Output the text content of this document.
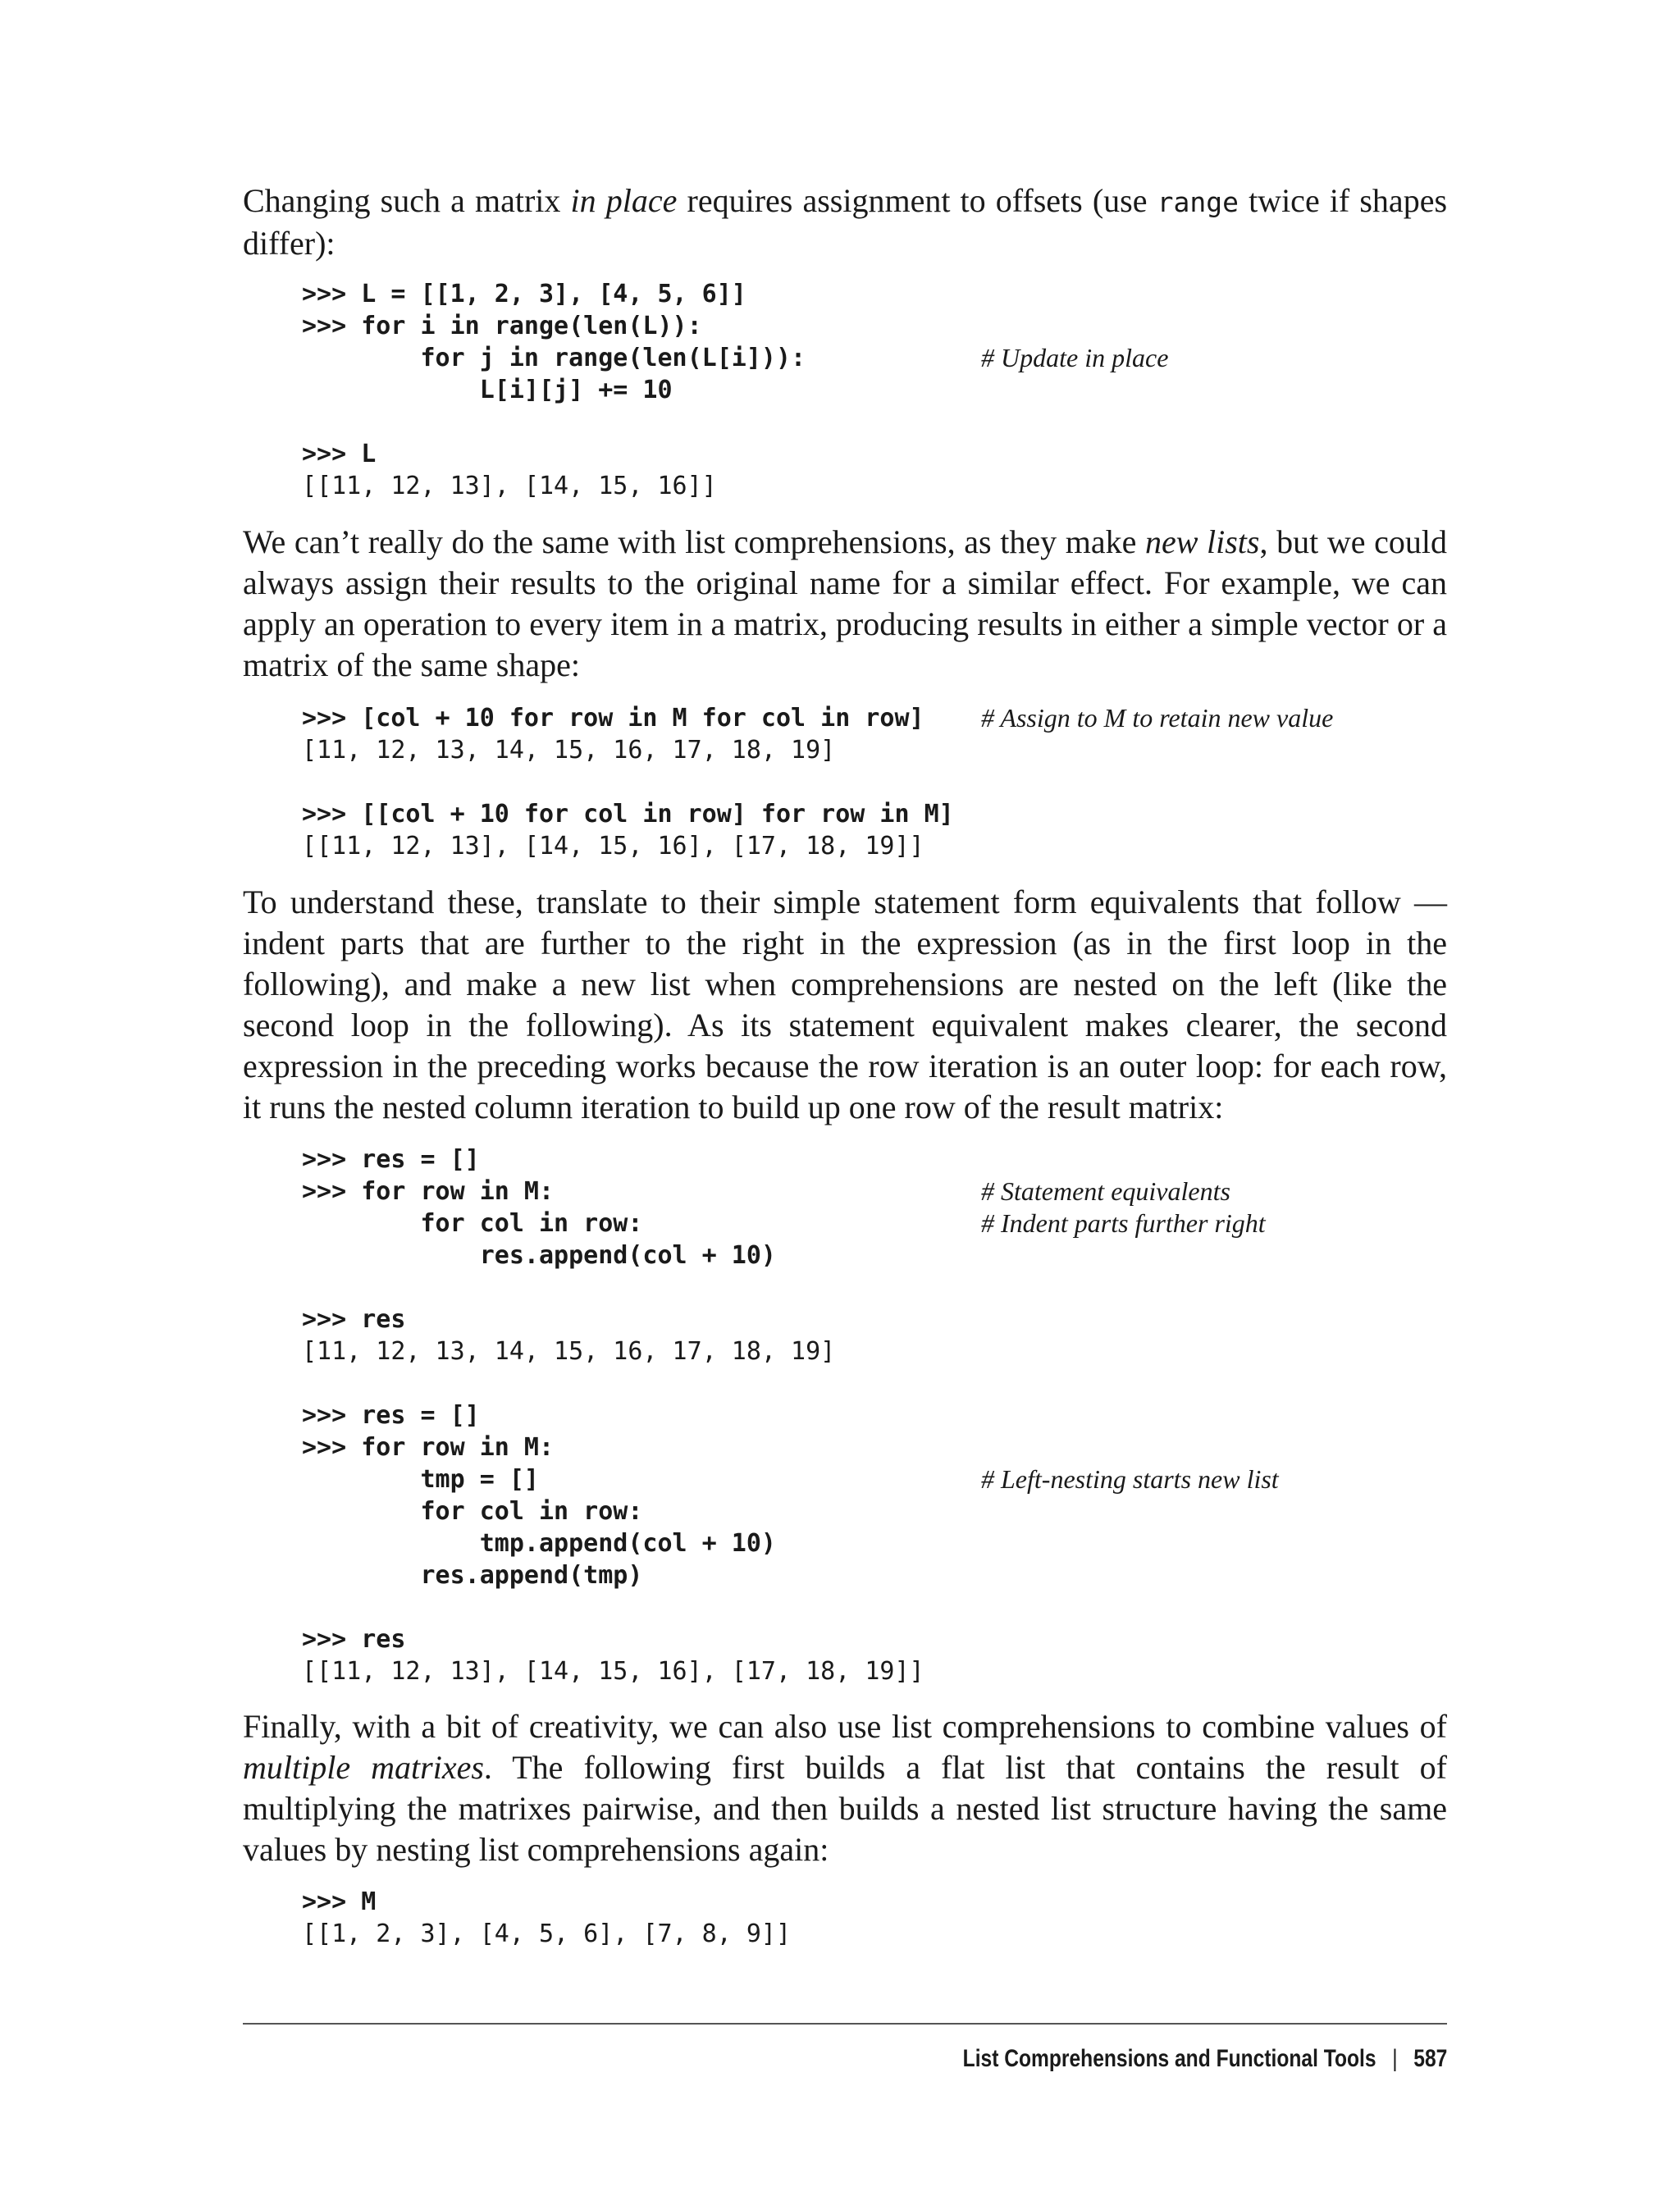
Changing such a matrix in place requires assignment to offsets (use range twice if shapes differ):

>>> L = [[1, 2, 3], [4, 5, 6]]
>>> for i in range(len(L)):
for j in range(len(L[i])):
L[i][j] += 10
>>> L
[[11, 12, 13], [14, 15, 16]]
# Update in place

We can’t really do the same with list comprehensions, as they make new lists, but we could always assign their results to the original name for a similar effect. For example, we can apply an operation to every item in a matrix, producing results in either a simple vector or a matrix of the same shape:

>>> [col + 10 for row in M for col in row]
[11, 12, 13, 14, 15, 16, 17, 18, 19]
>>> [[col + 10 for col in row] for row in M]
[[11, 12, 13], [14, 15, 16], [17, 18, 19]]
# Assign to M to retain new value

To understand these, translate to their simple statement form equivalents that follow —indent parts that are further to the right in the expression (as in the first loop in the following), and make a new list when comprehensions are nested on the left (like the second loop in the following). As its statement equivalent makes clearer, the second expression in the preceding works because the row iteration is an outer loop: for each row, it runs the nested column iteration to build up one row of the result matrix:

>>> res = []
>>> for row in M:
for col in row:
res.append(col + 10)
>>> res
[11, 12, 13, 14, 15, 16, 17, 18, 19]
>>> res = []
>>> for row in M:
tmp = []
for col in row:
tmp.append(col + 10)
res.append(tmp)
>>> res
[[11, 12, 13], [14, 15, 16], [17, 18, 19]]
# Statement equivalents
# Indent parts further right
# Left-nesting starts new list

Finally, with a bit of creativity, we can also use list comprehensions to combine values of multiple matrixes. The following first builds a flat list that contains the result of multiplying the matrixes pairwise, and then builds a nested list structure having the same values by nesting list comprehensions again:

>>> M
[[1, 2, 3], [4, 5, 6], [7, 8, 9]]
List Comprehensions and Functional Tools | 587
